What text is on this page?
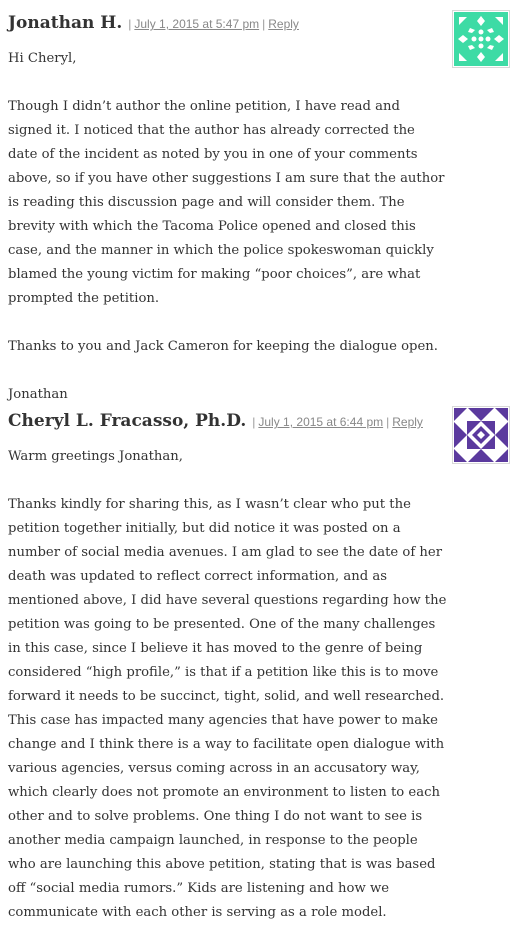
Jonathan H. | July 1, 2015 at 5:47 pm | Reply

Hi Cheryl,

Though I didn’t author the online petition, I have read and signed it. I noticed that the author has already corrected the date of the incident as noted by you in one of your comments above, so if you have other suggestions I am sure that the author is reading this discussion page and will consider them. The brevity with which the Tacoma Police opened and closed this case, and the manner in which the police spokeswoman quickly blamed the young victim for making “poor choices”, are what prompted the petition.

Thanks to you and Jack Cameron for keeping the dialogue open.

Jonathan

Cheryl L. Fracasso, Ph.D. | July 1, 2015 at 6:44 pm | Reply

Warm greetings Jonathan,

Thanks kindly for sharing this, as I wasn’t clear who put the petition together initially, but did notice it was posted on a number of social media avenues. I am glad to see the date of her death was updated to reflect correct information, and as mentioned above, I did have several questions regarding how the petition was going to be presented. One of the many challenges in this case, since I believe it has moved to the genre of being considered “high profile,” is that if a petition like this is to move forward it needs to be succinct, tight, solid, and well researched. This case has impacted many agencies that have power to make change and I think there is a way to facilitate open dialogue with various agencies, versus coming across in an accusatory way, which clearly does not promote an environment to listen to each other and to solve problems. One thing I do not want to see is another media campaign launched, in response to the people who are launching this above petition, stating that is was based off “social media rumors.” Kids are listening and how we communicate with each other is serving as a role model.
